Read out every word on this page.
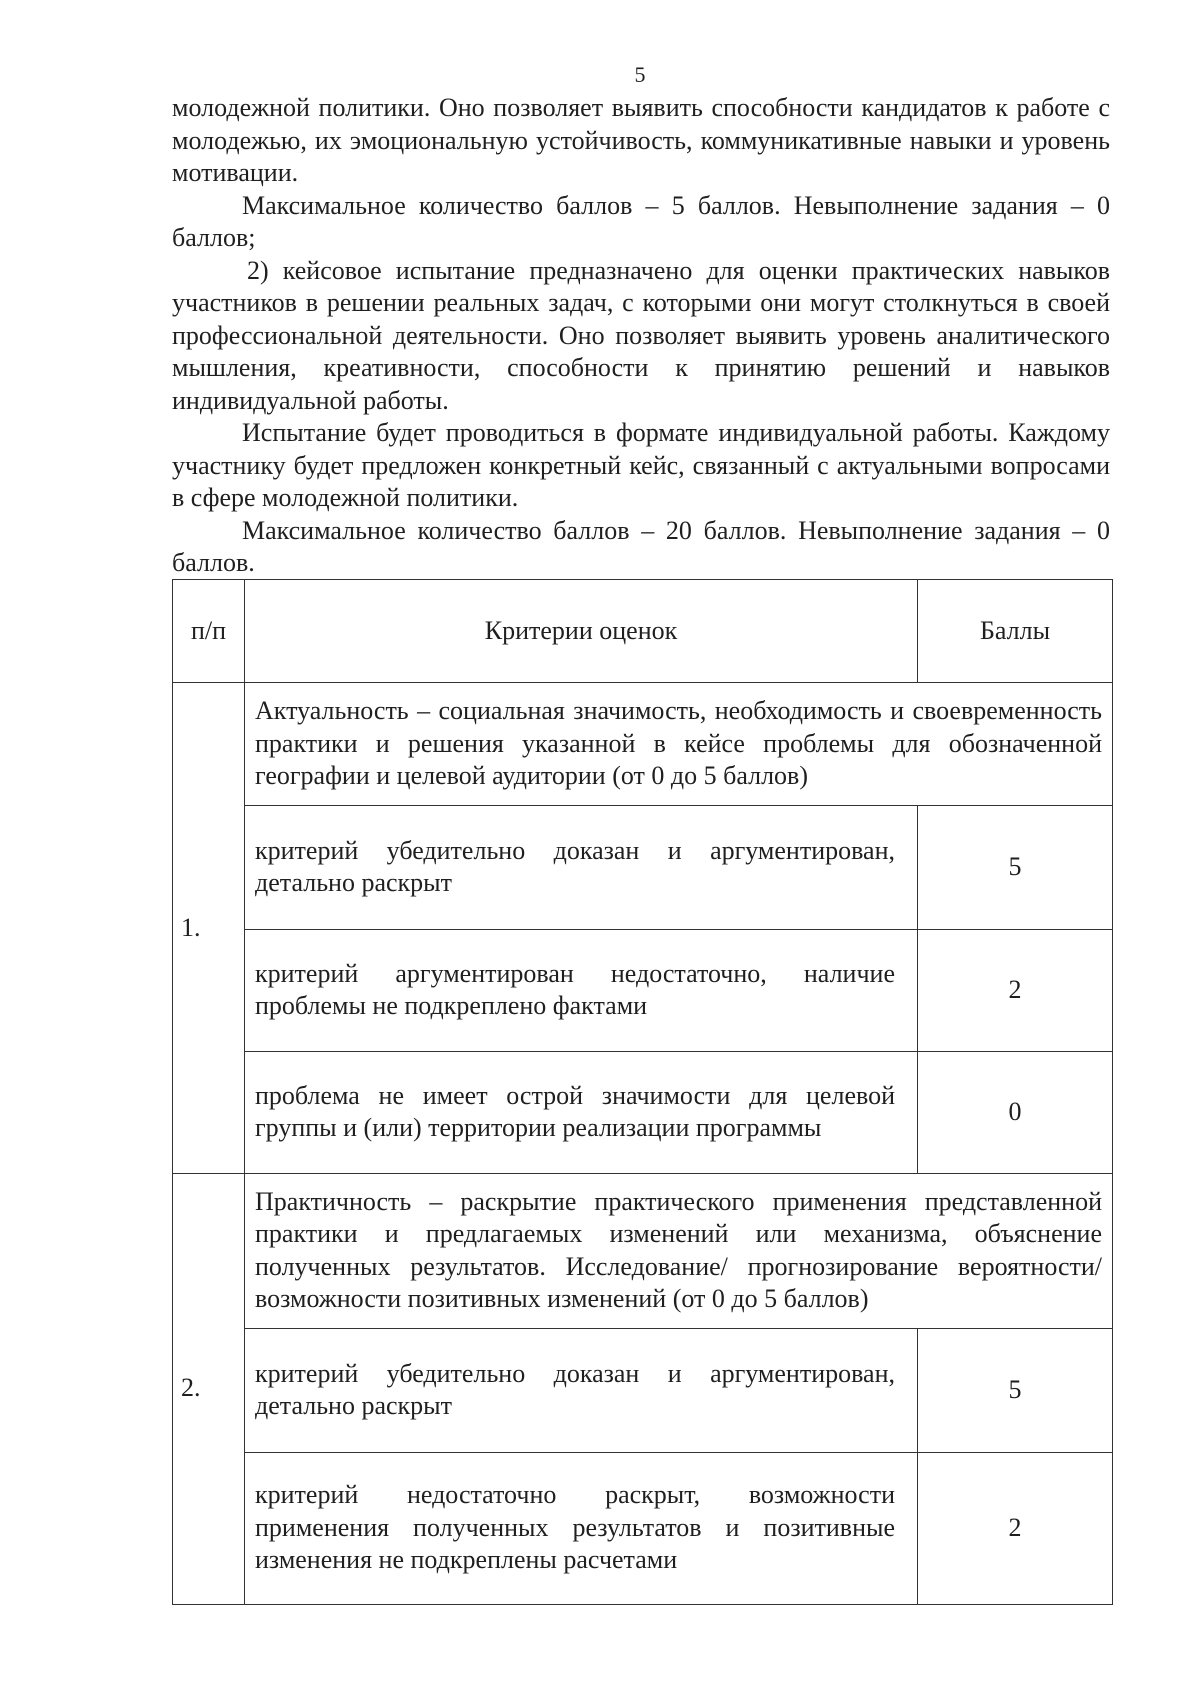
5

молодежной политики. Оно позволяет выявить способности кандидатов к работе с молодежью, их эмоциональную устойчивость, коммуникативные навыки и уровень мотивации.

Максимальное количество баллов – 5 баллов. Невыполнение задания – 0 баллов;

2) кейсовое испытание предназначено для оценки практических навыков участников в решении реальных задач, с которыми они могут столкнуться в своей профессиональной деятельности. Оно позволяет выявить уровень аналитического мышления, креативности, способности к принятию решений и навыков индивидуальной работы.

Испытание будет проводиться в формате индивидуальной работы. Каждому участнику будет предложен конкретный кейс, связанный с актуальными вопросами в сфере молодежной политики.

Максимальное количество баллов – 20 баллов. Невыполнение задания – 0 баллов.

п/п	Критерии оценок	Баллы
1.	Актуальность – социальная значимость, необходимость и своевременность практики и решения указанной в кейсе проблемы для обозначенной географии и целевой аудитории (от 0 до 5 баллов)	
	критерий убедительно доказан и аргументирован, детально раскрыт	5
	критерий аргументирован недостаточно, наличие проблемы не подкреплено фактами	2
	проблема не имеет острой значимости для целевой группы и (или) территории реализации программы	0
2.	Практичность – раскрытие практического применения представленной практики и предлагаемых изменений или механизма, объяснение полученных результатов. Исследование/ прогнозирование вероятности/возможности позитивных изменений (от 0 до 5 баллов)	
	критерий убедительно доказан и аргументирован, детально раскрыт	5
	критерий недостаточно раскрыт, возможности применения полученных результатов и позитивные изменения не подкреплены расчетами	2
